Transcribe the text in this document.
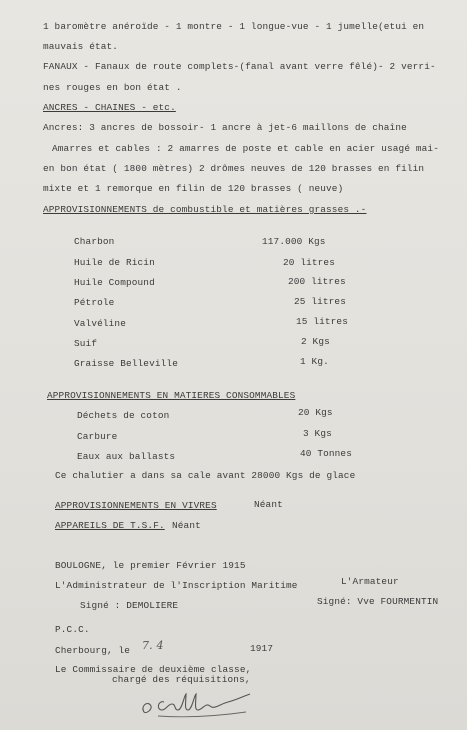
1 baromètre anéroïde - 1 montre - 1 longue-vue - 1 jumelle(etui en
mauvais état.
FANAUX - Fanaux de route complets-(fanal avant verre fêlé)- 2 verri-
nes rouges en bon état .
ANCRES - CHAINES - etc.
Ancres: 3 ancres de bossoir- 1 ancre à jet-6 maillons de chaîne
Amarres et cables : 2 amarres de poste et cable en acier usagé mai-
en bon état ( 1800 mètres) 2 drômes neuves de 120 brasses en filin
mixte et 1 remorque en filin de 120 brasses ( neuve)
APPROVISIONNEMENTS de combustible et matières grasses .-
Charbon	117.000 Kgs
Huile de Ricin	20 litres
Huile Compound	200 litres
Pétrole	25 litres
Valvéline	15 litres
Suif	2 Kgs
Graisse Belleville	1 Kg.
APPROVISIONNEMENTS EN MATIERES CONSOMMABLES
Déchets de coton	20 Kgs
Carbure	3 Kgs
Eaux aux ballasts	40 Tonnes
Ce chalutier a dans sa cale avant 28000 Kgs de glace
APPROVISIONNEMENTS EN VIVRES	Néant
APPAREILS DE T.S.F. Néant
BOULOGNE, le premier Février 1915
L'Administrateur de l'Inscription Maritime	L'Armateur
Signé : DEMOLIERE	Signé: Vve FOURMENTIN
P.C.C.
Cherbourg, le 7. 4	1917
Le Commissaire de deuxième classe,
chargé des réquisitions,
